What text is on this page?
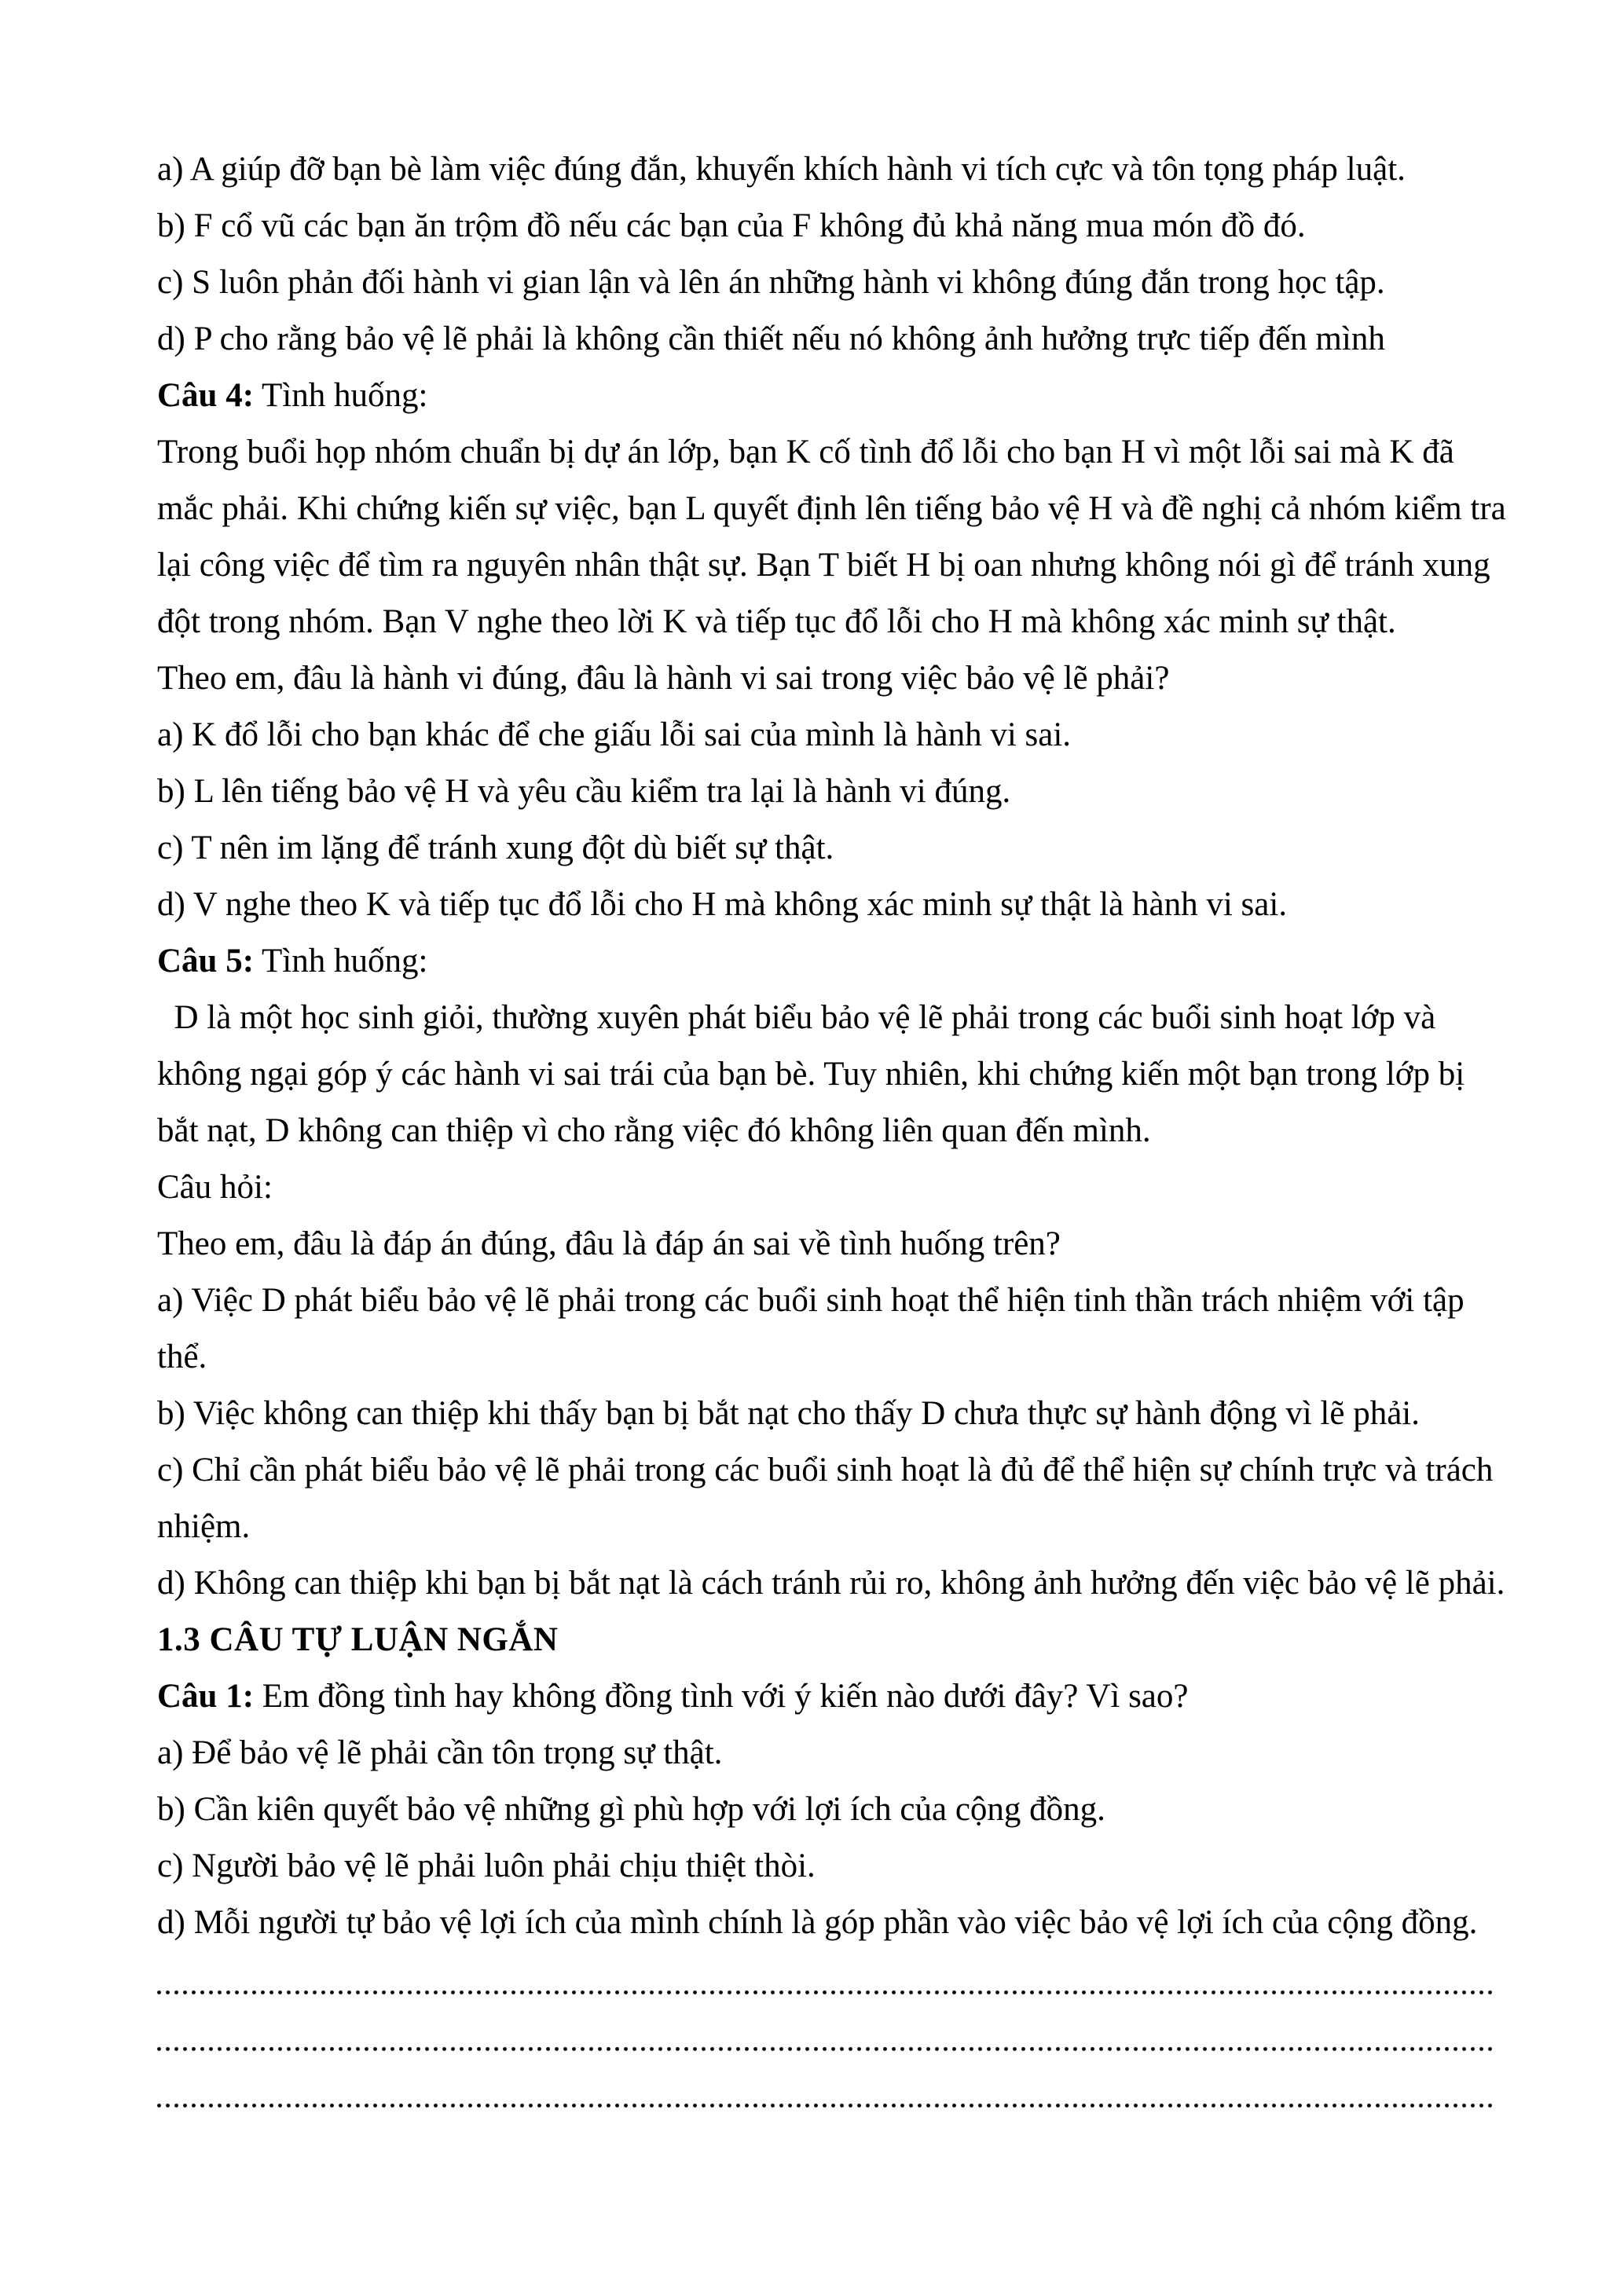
a) A giúp đỡ bạn bè làm việc đúng đắn, khuyến khích hành vi tích cực và tôn tọng pháp luật.
b) F cổ vũ các bạn ăn trộm đồ nếu các bạn của F không đủ khả năng mua món đồ đó.
c) S luôn phản đối hành vi gian lận và lên án những hành vi không đúng đắn trong học tập.
d) P cho rằng bảo vệ lẽ phải là không cần thiết nếu nó không ảnh hưởng trực tiếp đến mình
Câu 4: Tình huống:
Trong buổi họp nhóm chuẩn bị dự án lớp, bạn K cố tình đổ lỗi cho bạn H vì một lỗi sai mà K đã
mắc phải. Khi chứng kiến sự việc, bạn L quyết định lên tiếng bảo vệ H và đề nghị cả nhóm kiểm tra
lại công việc để tìm ra nguyên nhân thật sự. Bạn T biết H bị oan nhưng không nói gì để tránh xung
đột trong nhóm. Bạn V nghe theo lời K và tiếp tục đổ lỗi cho H mà không xác minh sự thật.
Theo em, đâu là hành vi đúng, đâu là hành vi sai trong việc bảo vệ lẽ phải?
a) K đổ lỗi cho bạn khác để che giấu lỗi sai của mình là hành vi sai.
b) L lên tiếng bảo vệ H và yêu cầu kiểm tra lại là hành vi đúng.
c) T nên im lặng để tránh xung đột dù biết sự thật.
d) V nghe theo K và tiếp tục đổ lỗi cho H mà không xác minh sự thật là hành vi sai.
Câu 5: Tình huống:
D là một học sinh giỏi, thường xuyên phát biểu bảo vệ lẽ phải trong các buổi sinh hoạt lớp và
không ngại góp ý các hành vi sai trái của bạn bè. Tuy nhiên, khi chứng kiến một bạn trong lớp bị
bắt nạt, D không can thiệp vì cho rằng việc đó không liên quan đến mình.
Câu hỏi:
Theo em, đâu là đáp án đúng, đâu là đáp án sai về tình huống trên?
a) Việc D phát biểu bảo vệ lẽ phải trong các buổi sinh hoạt thể hiện tinh thần trách nhiệm với tập
thể.
b) Việc không can thiệp khi thấy bạn bị bắt nạt cho thấy D chưa thực sự hành động vì lẽ phải.
c) Chỉ cần phát biểu bảo vệ lẽ phải trong các buổi sinh hoạt là đủ để thể hiện sự chính trực và trách
nhiệm.
d) Không can thiệp khi bạn bị bắt nạt là cách tránh rủi ro, không ảnh hưởng đến việc bảo vệ lẽ phải.
1.3 CÂU TỰ LUẬN NGẮN
Câu 1: Em đồng tình hay không đồng tình với ý kiến nào dưới đây? Vì sao?
a) Để bảo vệ lẽ phải cần tôn trọng sự thật.
b) Cần kiên quyết bảo vệ những gì phù hợp với lợi ích của cộng đồng.
c) Người bảo vệ lẽ phải luôn phải chịu thiệt thòi.
d) Mỗi người tự bảo vệ lợi ích của mình chính là góp phần vào việc bảo vệ lợi ích của cộng đồng.
